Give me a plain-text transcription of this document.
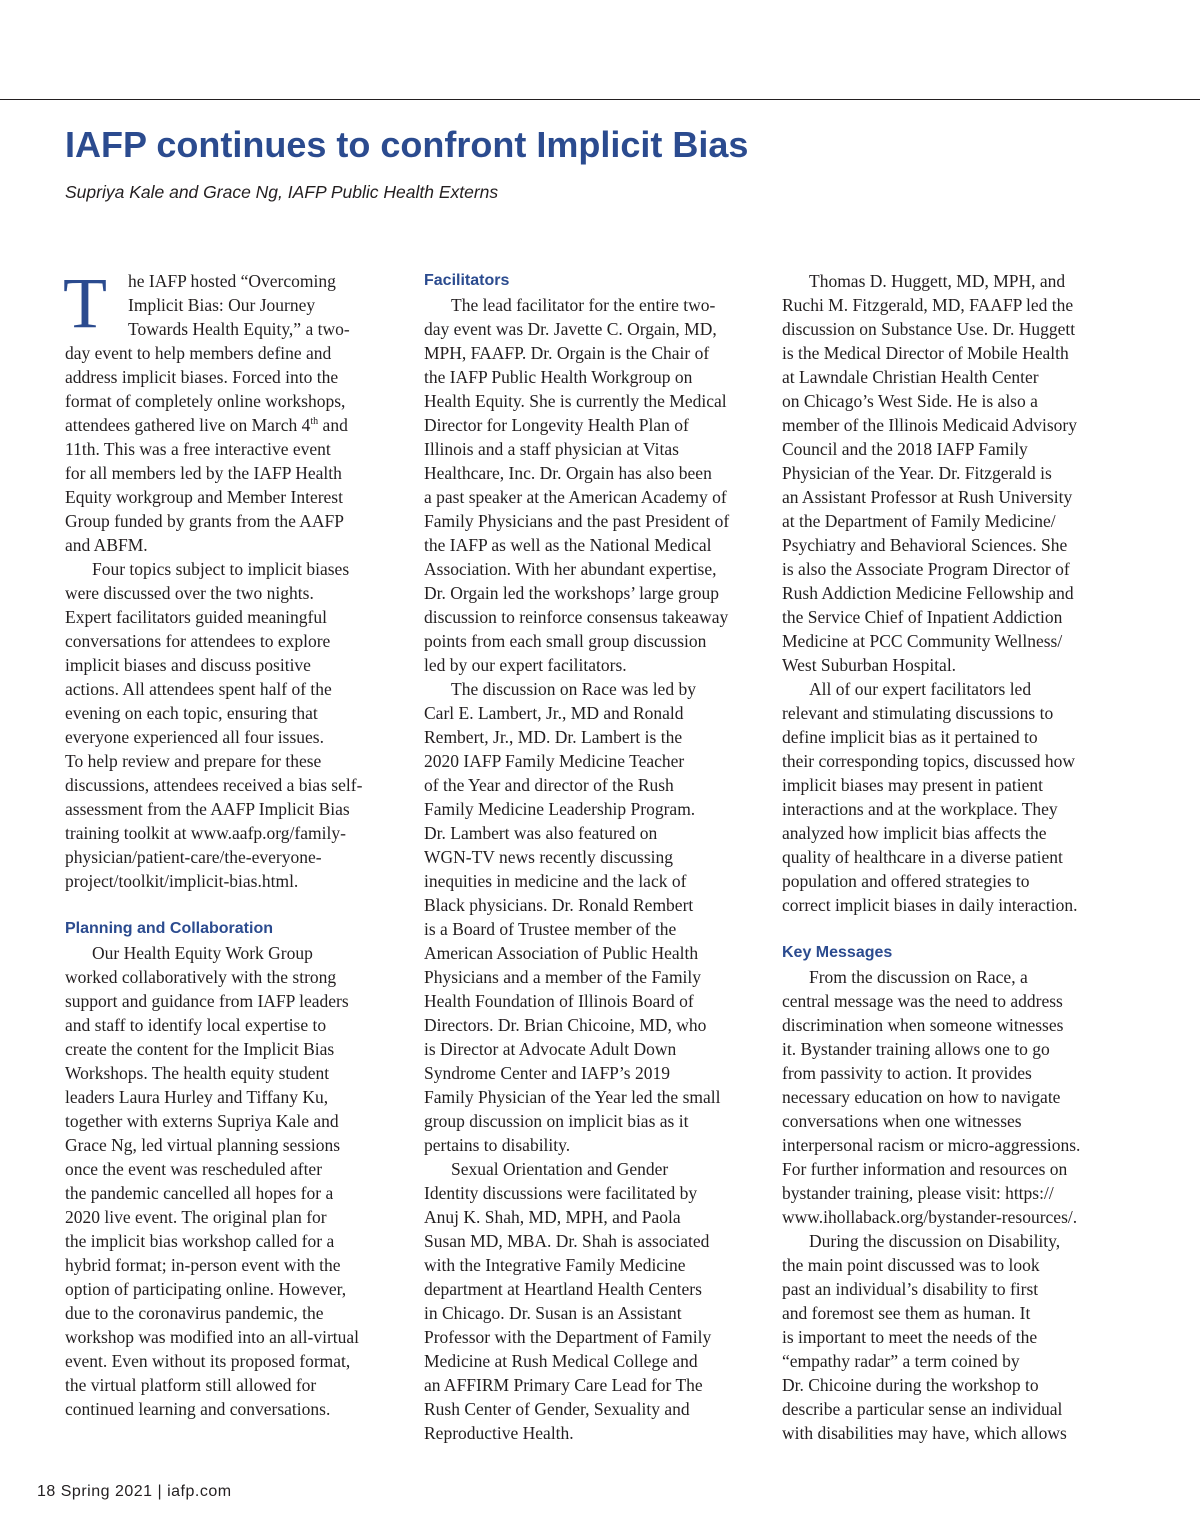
IAFP continues to confront Implicit Bias

Supriya Kale and Grace Ng, IAFP Public Health Externs

T	he IAFP hosted “Overcoming

Implicit Bias: Our Journey

Towards Health Equity,” a two-

day event to help members define and

address implicit biases. Forced into the

format of completely online workshops,

attendees gathered live on March 4th and

11th. This was a free interactive event

for all members led by the IAFP Health

Equity workgroup and Member Interest

Group funded by grants from the AAFP

and ABFM.

Four topics subject to implicit biases

were discussed over the two nights.

Expert facilitators guided meaningful

conversations for attendees to explore

implicit biases and discuss positive

actions. All attendees spent half of the

evening on each topic, ensuring that

everyone experienced all four issues.

To help review and prepare for these

discussions, attendees received a bias self-

assessment from the AAFP Implicit Bias

training toolkit at www.aafp.org/family-

physician/patient-care/the-everyone-

project/toolkit/implicit-bias.html.

Planning and Collaboration

Our Health Equity Work Group

worked collaboratively with the strong

support and guidance from IAFP leaders

and staff to identify local expertise to

create the content for the Implicit Bias

Workshops. The health equity student

leaders Laura Hurley and Tiffany Ku,

together with externs Supriya Kale and

Grace Ng, led virtual planning sessions

once the event was rescheduled after

the pandemic cancelled all hopes for a

2020 live event. The original plan for

the implicit bias workshop called for a

hybrid format; in-person event with the

option of participating online. However,

due to the coronavirus pandemic, the

workshop was modified into an all-virtual

event. Even without its proposed format,

the virtual platform still allowed for

continued learning and conversations.

Facilitators

The lead facilitator for the entire two-

day event was Dr. Javette C. Orgain, MD,

MPH, FAAFP. Dr. Orgain is the Chair of

the IAFP Public Health Workgroup on

Health Equity. She is currently the Medical

Director for Longevity Health Plan of

Illinois and a staff physician at Vitas

Healthcare, Inc. Dr. Orgain has also been

a past speaker at the American Academy of

Family Physicians and the past President of

the IAFP as well as the National Medical

Association. With her abundant expertise,

Dr. Orgain led the workshops’ large group

discussion to reinforce consensus takeaway

points from each small group discussion

led by our expert facilitators.

The discussion on Race was led by

Carl E. Lambert, Jr., MD and Ronald

Rembert, Jr., MD. Dr. Lambert is the

2020 IAFP Family Medicine Teacher

of the Year and director of the Rush

Family Medicine Leadership Program.

Dr. Lambert was also featured on

WGN-TV news recently discussing

inequities in medicine and the lack of

Black physicians. Dr. Ronald Rembert

is a Board of Trustee member of the

American Association of Public Health

Physicians and a member of the Family

Health Foundation of Illinois Board of

Directors. Dr. Brian Chicoine, MD, who

is Director at Advocate Adult Down

Syndrome Center and IAFP’s 2019

Family Physician of the Year led the small

group discussion on implicit bias as it

pertains to disability.

Sexual Orientation and Gender

Identity discussions were facilitated by

Anuj K. Shah, MD, MPH, and Paola

Susan MD, MBA. Dr. Shah is associated

with the Integrative Family Medicine

department at Heartland Health Centers

in Chicago. Dr. Susan is an Assistant

Professor with the Department of Family

Medicine at Rush Medical College and

an AFFIRM Primary Care Lead for The

Rush Center of Gender, Sexuality and

Reproductive Health.

Thomas D. Huggett, MD, MPH, and

Ruchi M. Fitzgerald, MD, FAAFP led the

discussion on Substance Use. Dr. Huggett

is the Medical Director of Mobile Health

at Lawndale Christian Health Center

on Chicago’s West Side. He is also a

member of the Illinois Medicaid Advisory

Council and the 2018 IAFP Family

Physician of the Year. Dr. Fitzgerald is

an Assistant Professor at Rush University

at the Department of Family Medicine/

Psychiatry and Behavioral Sciences. She

is also the Associate Program Director of

Rush Addiction Medicine Fellowship and

the Service Chief of Inpatient Addiction

Medicine at PCC Community Wellness/

West Suburban Hospital.

All of our expert facilitators led

relevant and stimulating discussions to

define implicit bias as it pertained to

their corresponding topics, discussed how

implicit biases may present in patient

interactions and at the workplace. They

analyzed how implicit bias affects the

quality of healthcare in a diverse patient

population and offered strategies to

correct implicit biases in daily interaction.

Key Messages

From the discussion on Race, a

central message was the need to address

discrimination when someone witnesses

it. Bystander training allows one to go

from passivity to action. It provides

necessary education on how to navigate

conversations when one witnesses

interpersonal racism or micro-aggressions.

For further information and resources on

bystander training, please visit: https://

www.ihollaback.org/bystander-resources/.

During the discussion on Disability,

the main point discussed was to look

past an individual’s disability to first

and foremost see them as human. It

is important to meet the needs of the

“empathy radar” a term coined by

Dr. Chicoine during the workshop to

describe a particular sense an individual

with disabilities may have, which allows

18 Spring 2021 | iafp.com
